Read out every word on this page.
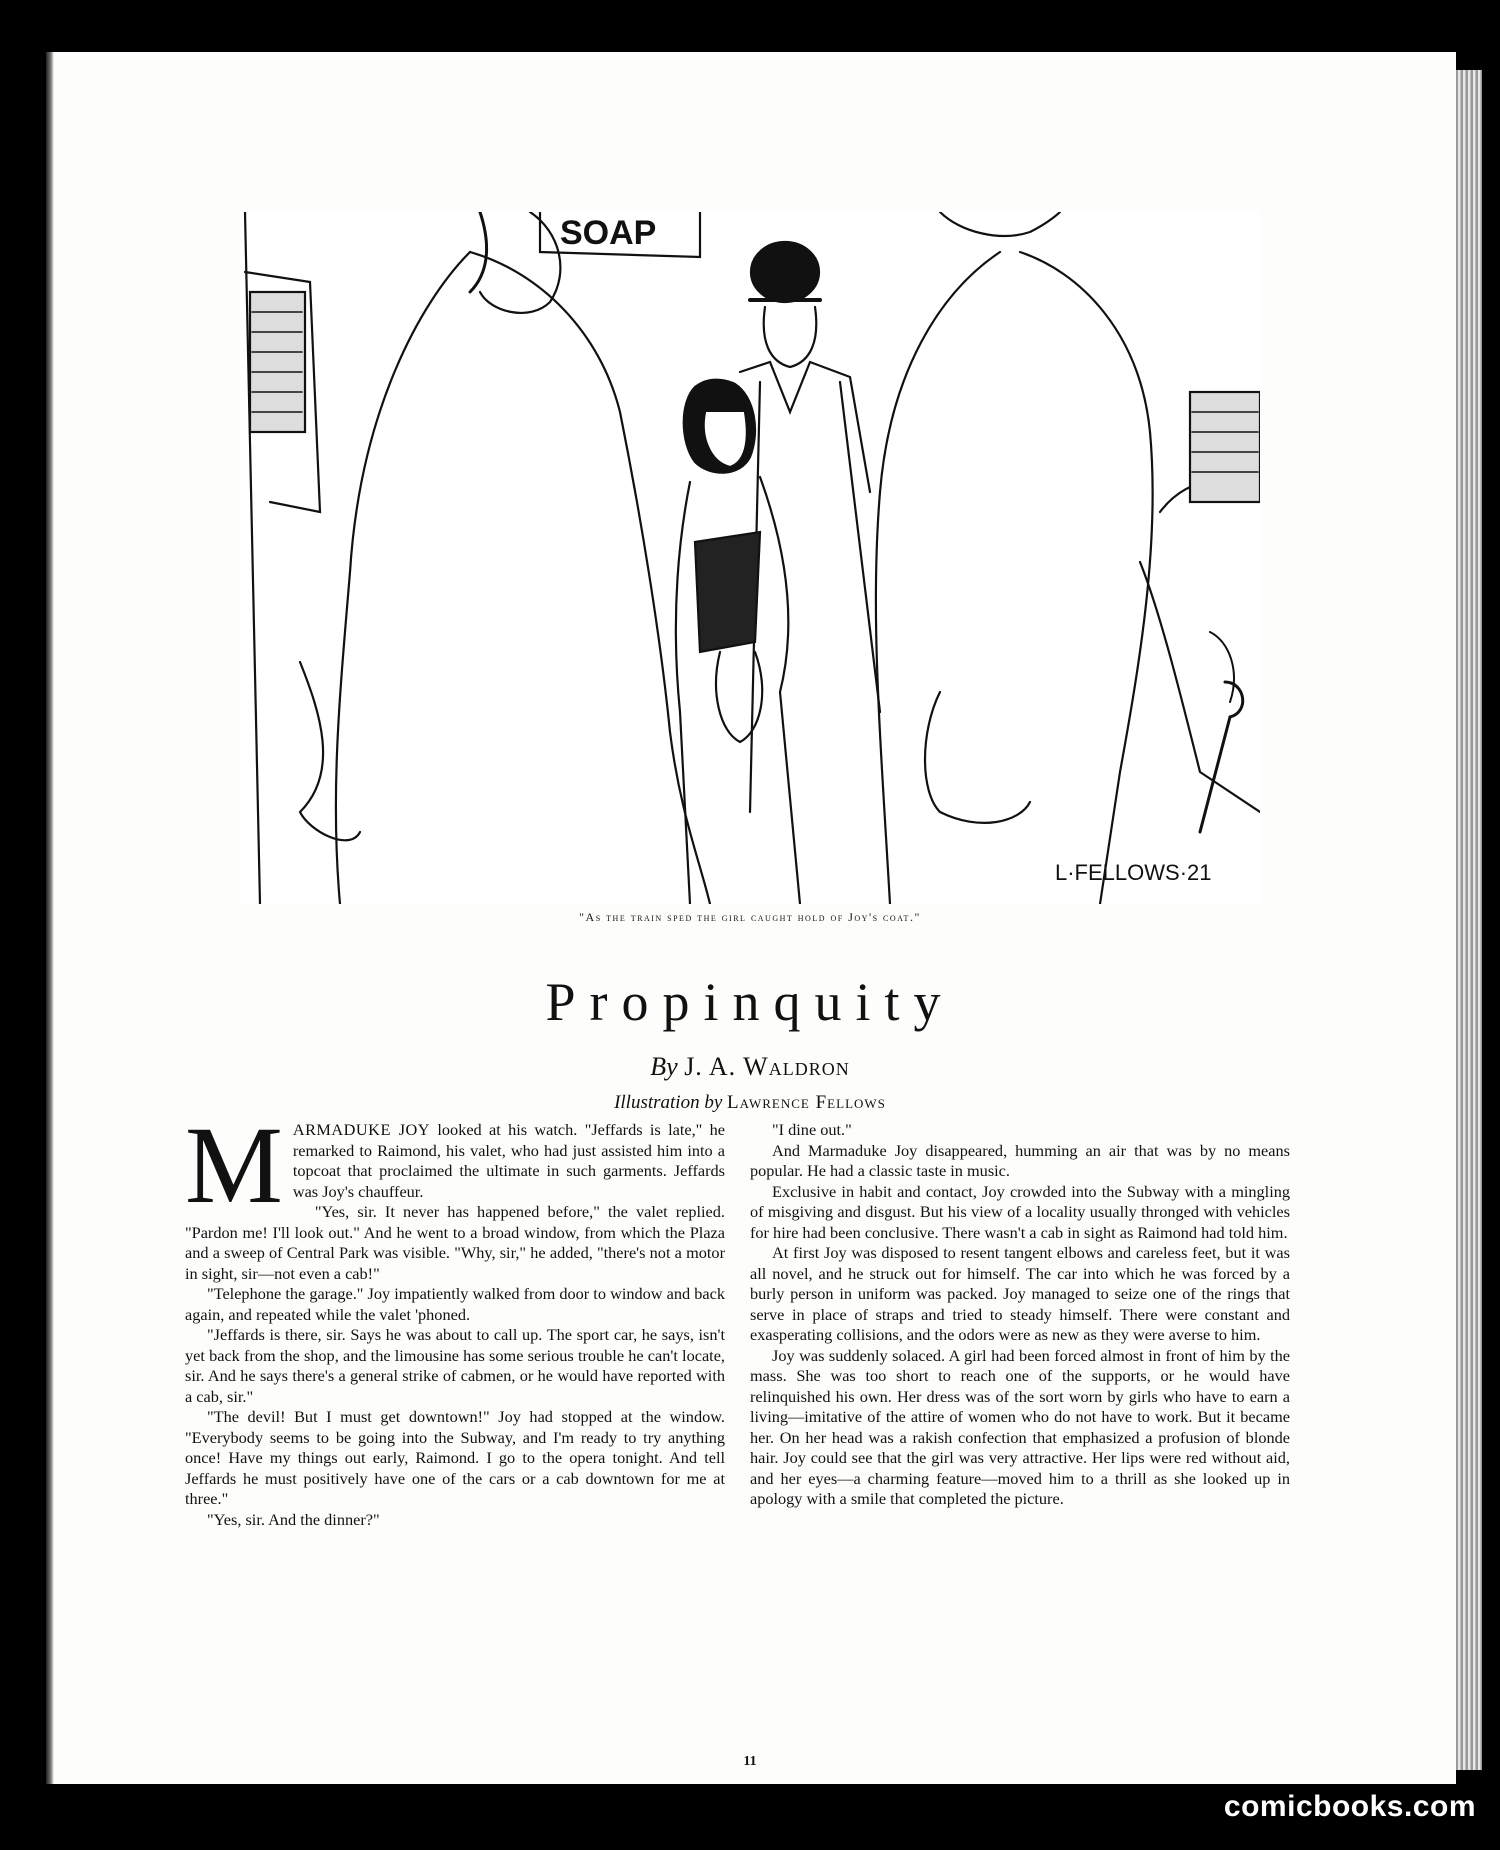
SOAP
L·FELLOWS·21
"As the train sped the girl caught hold of Joy's coat."
Propinquity
By J. A. Waldron
Illustration by Lawrence Fellows

MARMADUKE JOY looked at his watch. "Jeffards is late," he remarked to Raimond, his valet, who had just assisted him into a topcoat that proclaimed the ultimate in such garments. Jeffards was Joy's chauffeur.

"Yes, sir. It never has happened before," the valet replied. "Pardon me! I'll look out." And he went to a broad window, from which the Plaza and a sweep of Central Park was visible. "Why, sir," he added, "there's not a motor in sight, sir—not even a cab!"

"Telephone the garage." Joy impatiently walked from door to window and back again, and repeated while the valet 'phoned.

"Jeffards is there, sir. Says he was about to call up. The sport car, he says, isn't yet back from the shop, and the limousine has some serious trouble he can't locate, sir. And he says there's a general strike of cabmen, or he would have reported with a cab, sir."

"The devil! But I must get downtown!" Joy had stopped at the window. "Everybody seems to be going into the Subway, and I'm ready to try anything once! Have my things out early, Raimond. I go to the opera tonight. And tell Jeffards he must positively have one of the cars or a cab downtown for me at three."

"Yes, sir. And the dinner?"

"I dine out."

And Marmaduke Joy disappeared, humming an air that was by no means popular. He had a classic taste in music.

Exclusive in habit and contact, Joy crowded into the Subway with a mingling of misgiving and disgust. But his view of a locality usually thronged with vehicles for hire had been conclusive. There wasn't a cab in sight as Raimond had told him.

At first Joy was disposed to resent tangent elbows and careless feet, but it was all novel, and he struck out for himself. The car into which he was forced by a burly person in uniform was packed. Joy managed to seize one of the rings that serve in place of straps and tried to steady himself. There were constant and exasperating collisions, and the odors were as new as they were averse to him.

Joy was suddenly solaced. A girl had been forced almost in front of him by the mass. She was too short to reach one of the supports, or he would have relinquished his own. Her dress was of the sort worn by girls who have to earn a living—imitative of the attire of women who do not have to work. But it became her. On her head was a rakish confection that emphasized a profusion of blonde hair. Joy could see that the girl was very attractive. Her lips were red without aid, and her eyes—a charming feature—moved him to a thrill as she looked up in apology with a smile that completed the picture.

11
comicbooks.com
